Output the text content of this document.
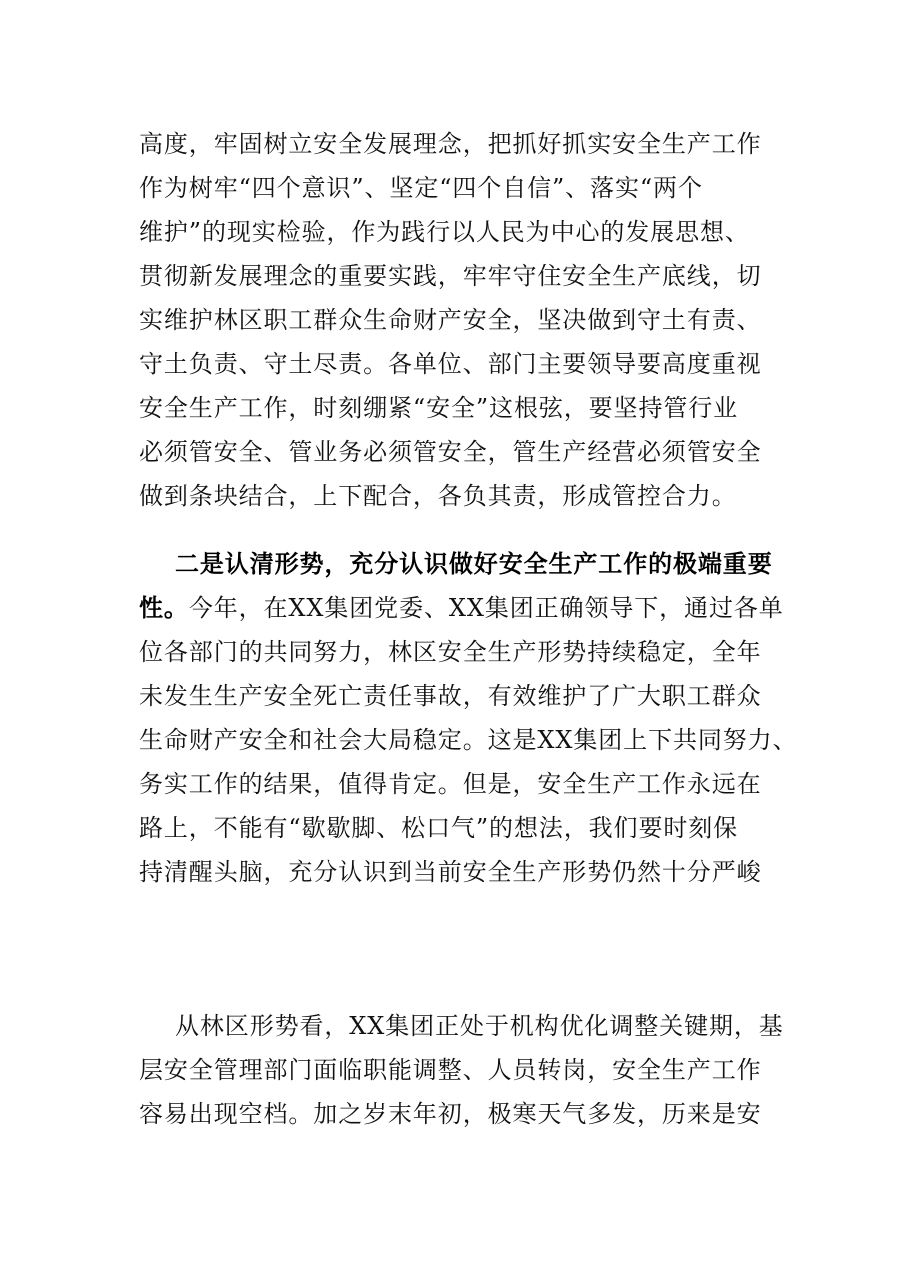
高度，牢固树立安全发展理念，把抓好抓实安全生产工作
作为树牢“四个意识”、坚定“四个自信”、落实“两个
维护”的现实检验，作为践行以人民为中心的发展思想、
贯彻新发展理念的重要实践，牢牢守住安全生产底线，切
实维护林区职工群众生命财产安全，坚决做到守土有责、
守土负责、守土尽责。各单位、部门主要领导要高度重视
安全生产工作，时刻绷紧“安全”这根弦，要坚持管行业
必须管安全、管业务必须管安全，管生产经营必须管安全
做到条块结合，上下配合，各负其责，形成管控合力。
二是认清形势，充分认识做好安全生产工作的极端重要
性。今年，在XX集团党委、XX集团正确领导下，通过各单
位各部门的共同努力，林区安全生产形势持续稳定，全年
未发生生产安全死亡责任事故，有效维护了广大职工群众
生命财产安全和社会大局稳定。这是XX集团上下共同努力、
务实工作的结果，值得肯定。但是，安全生产工作永远在
路上，不能有“歇歇脚、松口气”的想法，我们要时刻保
持清醒头脑，充分认识到当前安全生产形势仍然十分严峻
从林区形势看，XX集团正处于机构优化调整关键期，基
层安全管理部门面临职能调整、人员转岗，安全生产工作
容易出现空档。加之岁末年初，极寒天气多发，历来是安
